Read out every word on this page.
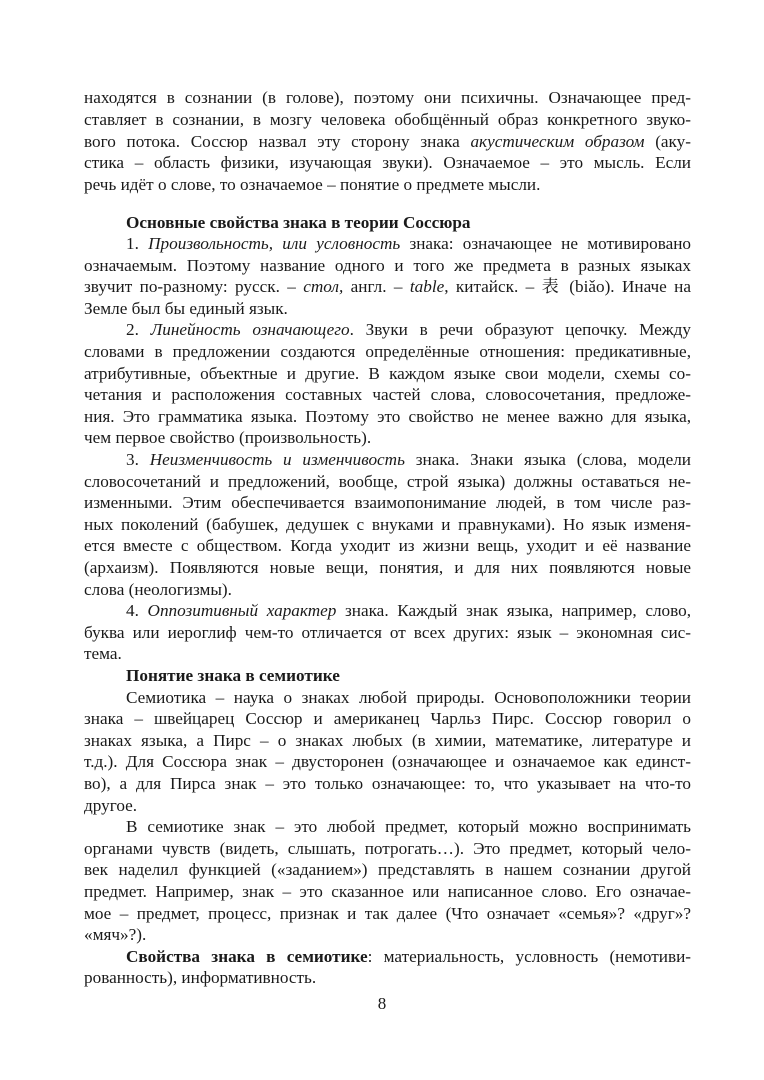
находятся в сознании (в голове), поэтому они психичны. Означающее пред-
ставляет в сознании, в мозгу человека обобщённый образ конкретного звуко-
вого потока. Соссюр назвал эту сторону знака акустическим образом (аку-
стика – область физики, изучающая звуки). Означаемое – это мысль. Если
речь идёт о слове, то означаемое – понятие о предмете мысли.
Основные свойства знака в теории Соссюра
1. Произвольность, или условность знака: означающее не мотивировано
означаемым. Поэтому название одного и того же предмета в разных языках
звучит по-разному: русск. – стол, англ. – table, китайск. – 表 (biǎo). Иначе на
Земле был бы единый язык.
2. Линейность означающего. Звуки в речи образуют цепочку. Между
словами в предложении создаются определённые отношения: предикативные,
атрибутивные, объектные и другие. В каждом языке свои модели, схемы со-
четания и расположения составных частей слова, словосочетания, предложе-
ния. Это грамматика языка. Поэтому это свойство не менее важно для языка,
чем первое свойство (произвольность).
3. Неизменчивость и изменчивость знака. Знаки языка (слова, модели
словосочетаний и предложений, вообще, строй языка) должны оставаться не-
изменными. Этим обеспечивается взаимопонимание людей, в том числе раз-
ных поколений (бабушек, дедушек с внуками и правнуками). Но язык изменя-
ется вместе с обществом. Когда уходит из жизни вещь, уходит и её название
(архаизм). Появляются новые вещи, понятия, и для них появляются новые
слова (неологизмы).
4. Оппозитивный характер знака. Каждый знак языка, например, слово,
буква или иероглиф чем-то отличается от всех других: язык – экономная сис-
тема.
Понятие знака в семиотике
Семиотика – наука о знаках любой природы. Основоположники теории
знака – швейцарец Соссюр и американец Чарльз Пирс. Соссюр говорил о
знаках языка, а Пирс – о знаках любых (в химии, математике, литературе и
т.д.). Для Соссюра знак – двусторонен (означающее и означаемое как единст-
во), а для Пирса знак – это только означающее: то, что указывает на что-то
другое.
В семиотике знак – это любой предмет, который можно воспринимать
органами чувств (видеть, слышать, потрогать…). Это предмет, который чело-
век наделил функцией («заданием») представлять в нашем сознании другой
предмет. Например, знак – это сказанное или написанное слово. Его означае-
мое – предмет, процесс, признак и так далее (Что означает «семья»? «друг»?
«мяч»?).
Свойства знака в семиотике: материальность, условность (немотиви-
рованность), информативность.
8
